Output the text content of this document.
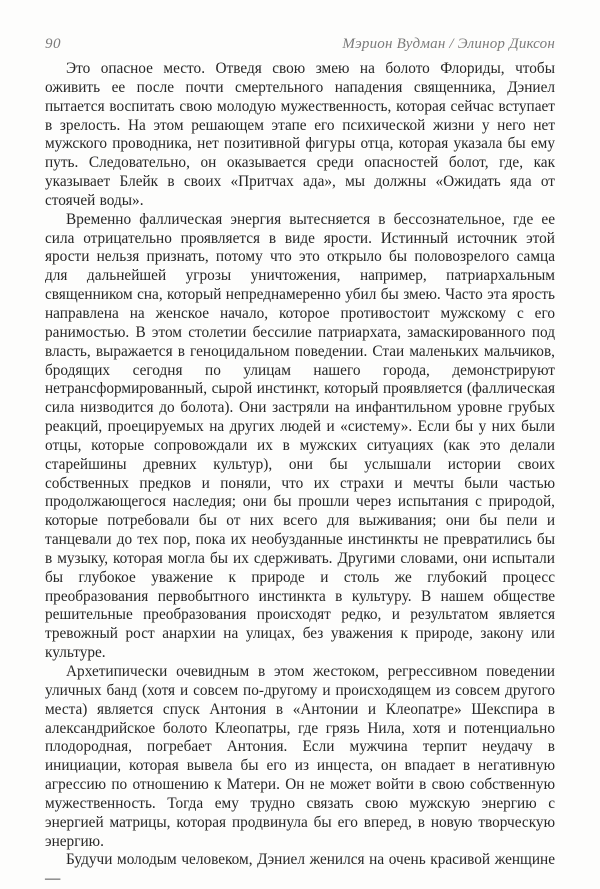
90	Мэрион Вудман / Элинор Диксон

Это опасное место. Отведя свою змею на болото Флориды, чтобы оживить ее после почти смертельного нападения священника, Дэниел пытается воспитать свою молодую мужественность, которая сейчас вступает в зрелость. На этом решающем этапе его психической жизни у него нет мужского проводника, нет позитивной фигуры отца, которая указала бы ему путь. Следовательно, он оказывается среди опасностей болот, где, как указывает Блейк в своих «Притчах ада», мы должны «Ожидать яда от стоячей воды».

Временно фаллическая энергия вытесняется в бессознательное, где ее сила отрицательно проявляется в виде ярости. Истинный источник этой ярости нельзя признать, потому что это открыло бы половозрелого самца для дальнейшей угрозы уничтожения, например, патриархальным священником сна, который непреднамеренно убил бы змею. Часто эта ярость направлена на женское начало, которое противостоит мужскому с его ранимостью. В этом столетии бессилие патриархата, замаскированного под власть, выражается в геноцидальном поведении. Стаи маленьких мальчиков, бродящих сегодня по улицам нашего города, демонстрируют нетрансформированный, сырой инстинкт, который проявляется (фаллическая сила низводится до болота). Они застряли на инфантильном уровне грубых реакций, проецируемых на других людей и «систему». Если бы у них были отцы, которые сопровождали их в мужских ситуациях (как это делали старейшины древних культур), они бы услышали истории своих собственных предков и поняли, что их страхи и мечты были частью продолжающегося наследия; они бы прошли через испытания с природой, которые потребовали бы от них всего для выживания; они бы пели и танцевали до тех пор, пока их необузданные инстинкты не превратились бы в музыку, которая могла бы их сдерживать. Другими словами, они испытали бы глубокое уважение к природе и столь же глубокий процесс преобразования первобытного инстинкта в культуру. В нашем обществе решительные преобразования происходят редко, и результатом является тревожный рост анархии на улицах, без уважения к природе, закону или культуре.

Архетипически очевидным в этом жестоком, регрессивном поведении уличных банд (хотя и совсем по-другому и происходящем из совсем другого места) является спуск Антония в «Антонии и Клеопатре» Шекспира в александрийское болото Клеопатры, где грязь Нила, хотя и потенциально плодородная, погребает Антония. Если мужчина терпит неудачу в инициации, которая вывела бы его из инцеста, он впадает в негативную агрессию по отношению к Матери. Он не может войти в свою собственную мужественность. Тогда ему трудно связать свою мужскую энергию с энергией матрицы, которая продвинула бы его вперед, в новую творческую энергию.

Будучи молодым человеком, Дэниел женился на очень красивой женщине —
